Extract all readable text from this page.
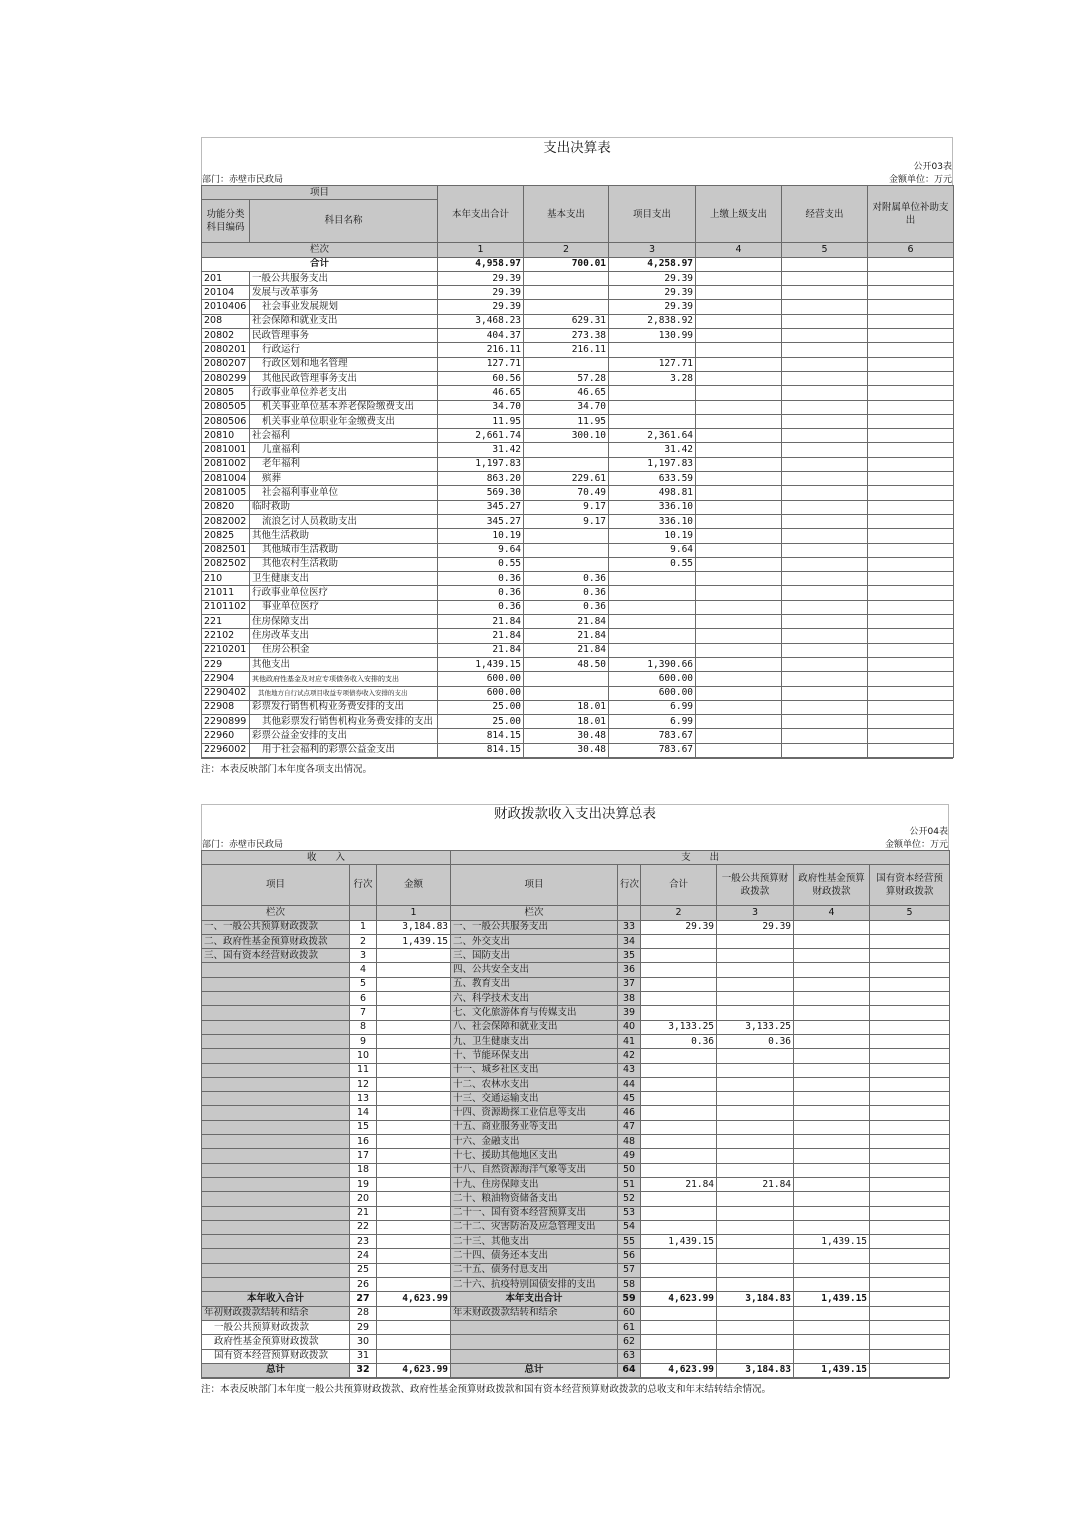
支出决算表
公开03表
部门：赤壁市民政局	金额单位：万元
项目		本年支出合计	基本支出	项目支出	上缴上级支出	经营支出	对附属单位补助支出
功能分类科目编码	科目名称						
栏次		1	2	3	4	5	6
合计		4,958.97	700.01	4,258.97			
201	一般公共服务支出	29.39		29.39			
20104	发展与改革事务	29.39		29.39			
2010406	社会事业发展规划	29.39		29.39			
208	社会保障和就业支出	3,468.23	629.31	2,838.92			
20802	民政管理事务	404.37	273.38	130.99			
2080201	行政运行	216.11	216.11				
2080207	行政区划和地名管理	127.71		127.71			
2080299	其他民政管理事务支出	60.56	57.28	3.28			
20805	行政事业单位养老支出	46.65	46.65				
2080505	机关事业单位基本养老保险缴费支出	34.70	34.70				
2080506	机关事业单位职业年金缴费支出	11.95	11.95				
20810	社会福利	2,661.74	300.10	2,361.64			
2081001	儿童福利	31.42		31.42			
2081002	老年福利	1,197.83		1,197.83			
2081004	殡葬	863.20	229.61	633.59			
2081005	社会福利事业单位	569.30	70.49	498.81			
20820	临时救助	345.27	9.17	336.10			
2082002	流浪乞讨人员救助支出	345.27	9.17	336.10			
20825	其他生活救助	10.19		10.19			
2082501	其他城市生活救助	9.64		9.64			
2082502	其他农村生活救助	0.55		0.55			
210	卫生健康支出	0.36	0.36				
21011	行政事业单位医疗	0.36	0.36				
2101102	事业单位医疗	0.36	0.36				
221	住房保障支出	21.84	21.84				
22102	住房改革支出	21.84	21.84				
2210201	住房公积金	21.84	21.84				
229	其他支出	1,439.15	48.50	1,390.66			
22904	其他政府性基金及对应专项债务收入安排的支出	600.00		600.00			
2290402	其他地方自行试点项目收益专项债券收入安排的支出	600.00		600.00			
22908	彩票发行销售机构业务费安排的支出	25.00	18.01	6.99			
2290899	其他彩票发行销售机构业务费安排的支出	25.00	18.01	6.99			
22960	彩票公益金安排的支出	814.15	30.48	783.67			
2296002	用于社会福利的彩票公益金支出	814.15	30.48	783.67			
注：本表反映部门本年度各项支出情况。
财政拨款收入支出决算总表
公开04表
部门：赤壁市民政局	金额单位：万元
收　　入			支　　出					
项目	行次	金额	项目	行次	合计	一般公共预算财政拨款	政府性基金预算财政拨款	国有资本经营预算财政拨款
栏次		1	栏次		2	3	4	5
一、一般公共预算财政拨款	1	3,184.83	一、一般公共服务支出	33	29.39	29.39		
二、政府性基金预算财政拨款	2	1,439.15	二、外交支出	34				
三、国有资本经营财政拨款	3		三、国防支出	35				
	4		四、公共安全支出	36				
	5		五、教育支出	37				
	6		六、科学技术支出	38				
	7		七、文化旅游体育与传媒支出	39				
	8		八、社会保障和就业支出	40	3,133.25	3,133.25		
	9		九、卫生健康支出	41	0.36	0.36		
	10		十、节能环保支出	42				
	11		十一、城乡社区支出	43				
	12		十二、农林水支出	44				
	13		十三、交通运输支出	45				
	14		十四、资源勘探工业信息等支出	46				
	15		十五、商业服务业等支出	47				
	16		十六、金融支出	48				
	17		十七、援助其他地区支出	49				
	18		十八、自然资源海洋气象等支出	50				
	19		十九、住房保障支出	51	21.84	21.84		
	20		二十、粮油物资储备支出	52				
	21		二十一、国有资本经营预算支出	53				
	22		二十二、灾害防治及应急管理支出	54				
	23		二十三、其他支出	55	1,439.15		1,439.15	
	24		二十四、债务还本支出	56				
	25		二十五、债务付息支出	57				
	26		二十六、抗疫特别国债安排的支出	58				
本年收入合计	27	4,623.99	本年支出合计	59	4,623.99	3,184.83	1,439.15	
年初财政拨款结转和结余	28		年末财政拨款结转和结余	60				
一般公共预算财政拨款	29			61				
政府性基金预算财政拨款	30			62				
国有资本经营预算财政拨款	31			63				
总计	32	4,623.99	总计	64	4,623.99	3,184.83	1,439.15	
注：本表反映部门本年度一般公共预算财政拨款、政府性基金预算财政拨款和国有资本经营预算财政拨款的总收支和年末结转结余情况。
